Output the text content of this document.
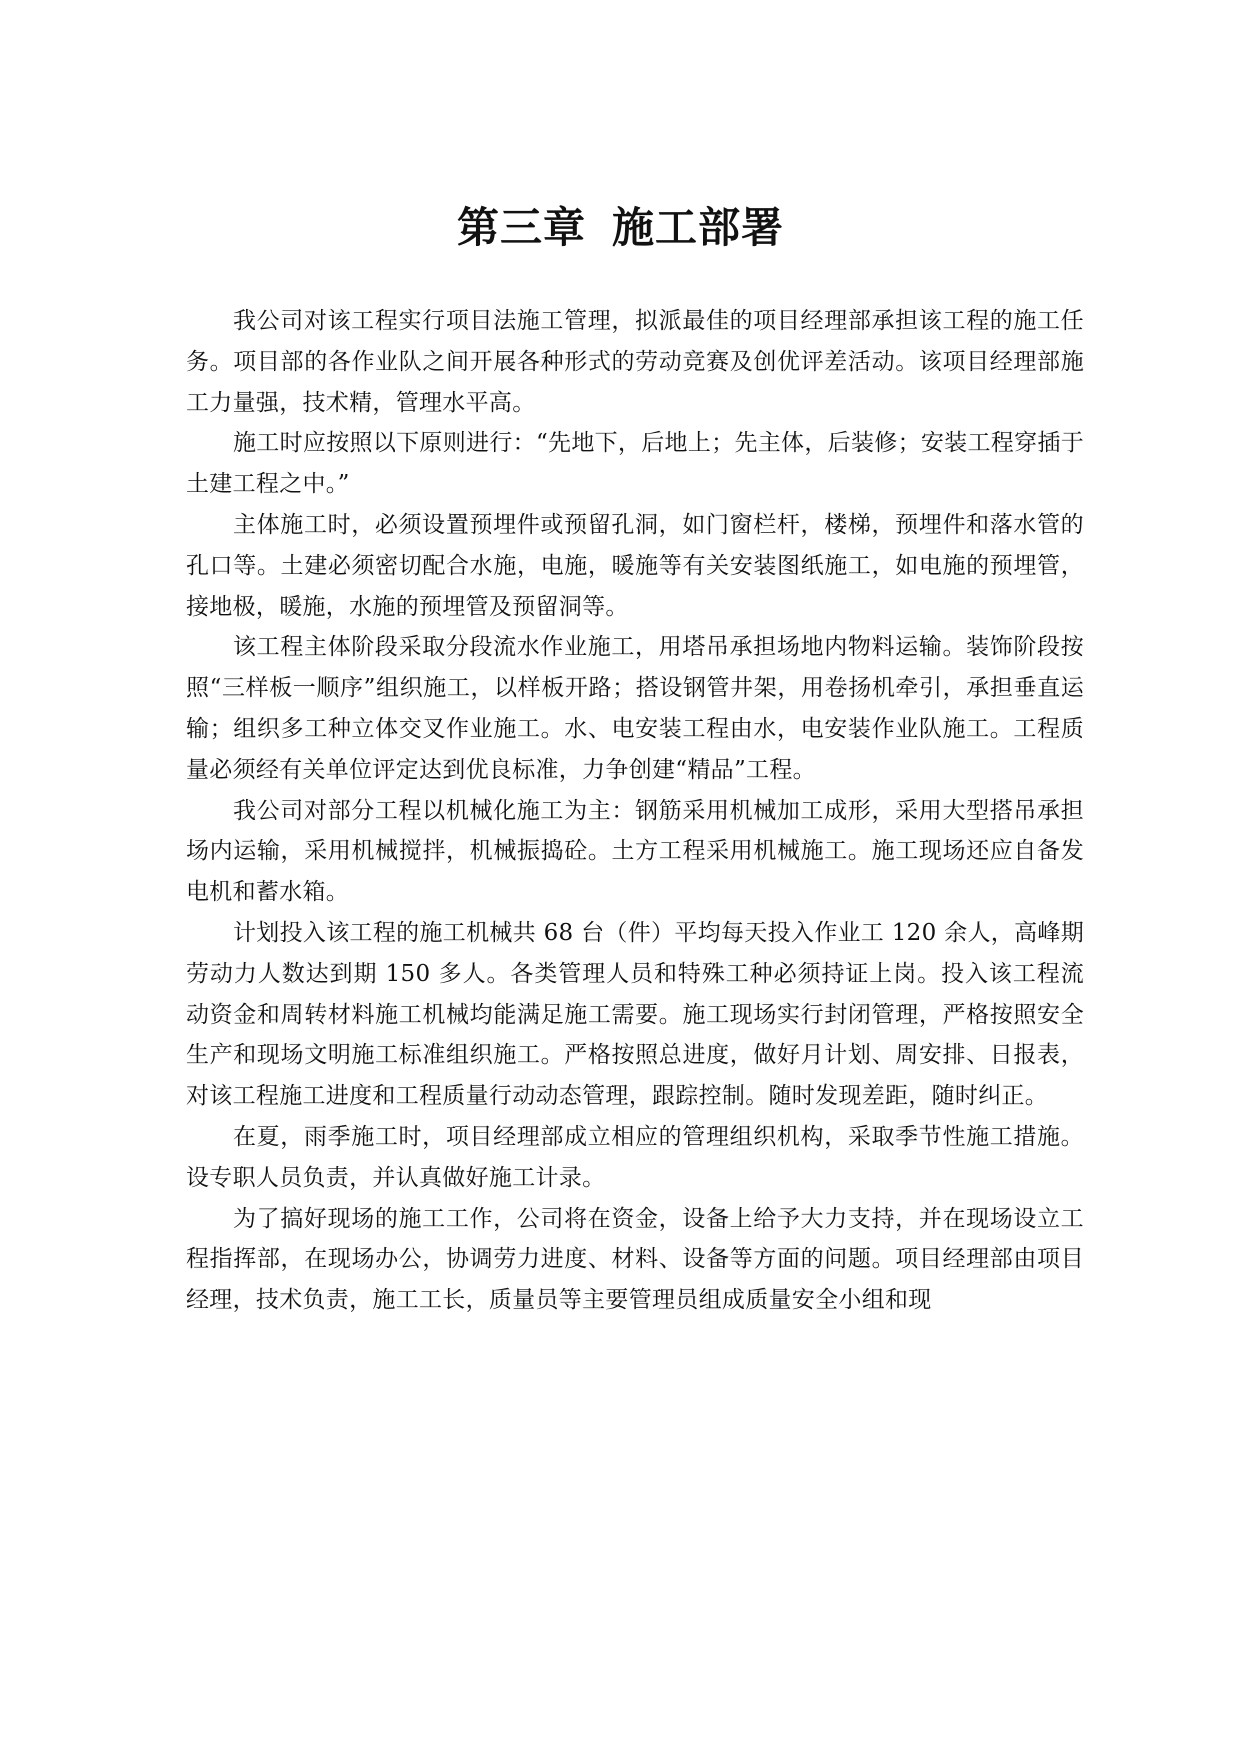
第三章 施工部署

我公司对该工程实行项目法施工管理，拟派最佳的项目经理部承担该工程的施工任务。项目部的各作业队之间开展各种形式的劳动竞赛及创优评差活动。该项目经理部施工力量强，技术精，管理水平高。

施工时应按照以下原则进行：“先地下，后地上；先主体，后装修；安装工程穿插于土建工程之中。”

主体施工时，必须设置预埋件或预留孔洞，如门窗栏杆，楼梯，预埋件和落水管的孔口等。土建必须密切配合水施，电施，暖施等有关安装图纸施工，如电施的预埋管，接地极，暖施，水施的预埋管及预留洞等。

该工程主体阶段采取分段流水作业施工，用塔吊承担场地内物料运输。装饰阶段按照“三样板一顺序”组织施工，以样板开路；搭设钢管井架，用卷扬机牵引，承担垂直运输；组织多工种立体交叉作业施工。水、电安装工程由水，电安装作业队施工。工程质量必须经有关单位评定达到优良标准，力争创建“精品”工程。

我公司对部分工程以机械化施工为主：钢筋采用机械加工成形，采用大型搭吊承担场内运输，采用机械搅拌，机械振捣砼。土方工程采用机械施工。施工现场还应自备发电机和蓄水箱。

计划投入该工程的施工机械共 68 台（件）平均每天投入作业工 120 余人，高峰期劳动力人数达到期 150 多人。各类管理人员和特殊工种必须持证上岗。投入该工程流动资金和周转材料施工机械均能满足施工需要。施工现场实行封闭管理，严格按照安全生产和现场文明施工标准组织施工。严格按照总进度，做好月计划、周安排、日报表，对该工程施工进度和工程质量行动动态管理，跟踪控制。随时发现差距，随时纠正。

在夏，雨季施工时，项目经理部成立相应的管理组织机构，采取季节性施工措施。设专职人员负责，并认真做好施工计录。

为了搞好现场的施工工作，公司将在资金，设备上给予大力支持，并在现场设立工程指挥部，在现场办公，协调劳力进度、材料、设备等方面的问题。项目经理部由项目经理，技术负责，施工工长，质量员等主要管理员组成质量安全小组和现
